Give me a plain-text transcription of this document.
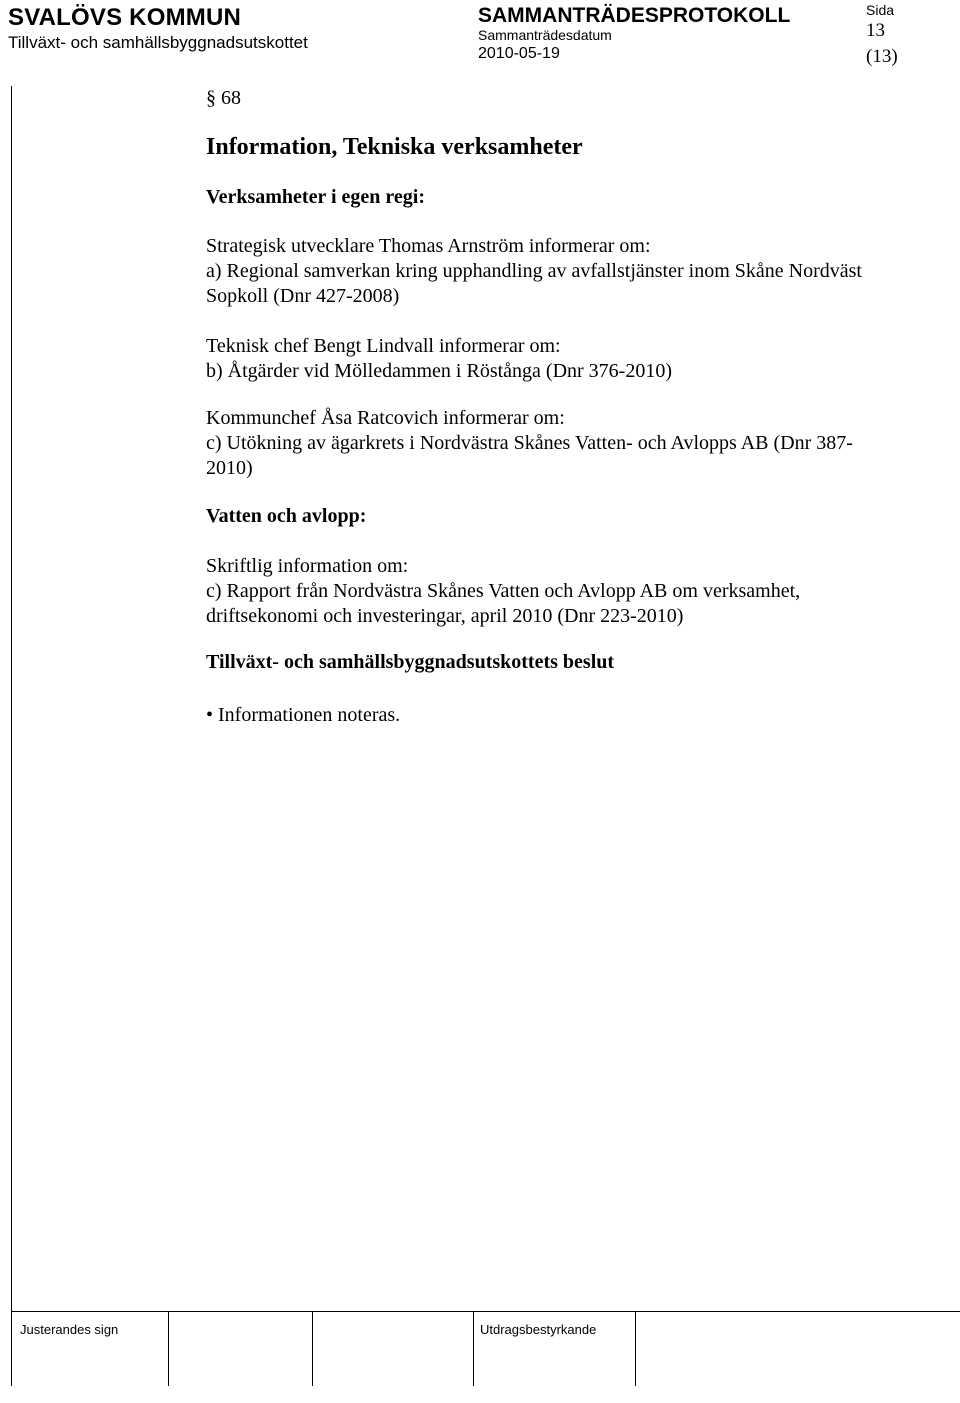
SVALÖVS KOMMUN
Tillväxt- och samhällsbyggnadsutskottet
SAMMANTRÄDESPROTOKOLL
Sammanträdesdatum
2010-05-19
Sida
13
(13)
§ 68
Information, Tekniska verksamheter
Verksamheter i egen regi:
Strategisk utvecklare Thomas Arnström informerar om:
a) Regional samverkan kring upphandling av avfallstjänster inom Skåne Nordväst
Sopkoll (Dnr 427-2008)
Teknisk chef Bengt Lindvall informerar om:
b) Åtgärder vid Mölledammen i Röstånga (Dnr 376-2010)
Kommunchef Åsa Ratcovich informerar om:
c) Utökning av ägarkrets i Nordvästra Skånes Vatten- och Avlopps AB (Dnr 387-
2010)
Vatten och avlopp:
Skriftlig information om:
c) Rapport från Nordvästra Skånes Vatten och Avlopp AB om verksamhet,
driftsekonomi och investeringar, april 2010 (Dnr 223-2010)
Tillväxt- och samhällsbyggnadsutskottets beslut
• Informationen noteras.
Justerandes sign	Utdragsbestyrkande
